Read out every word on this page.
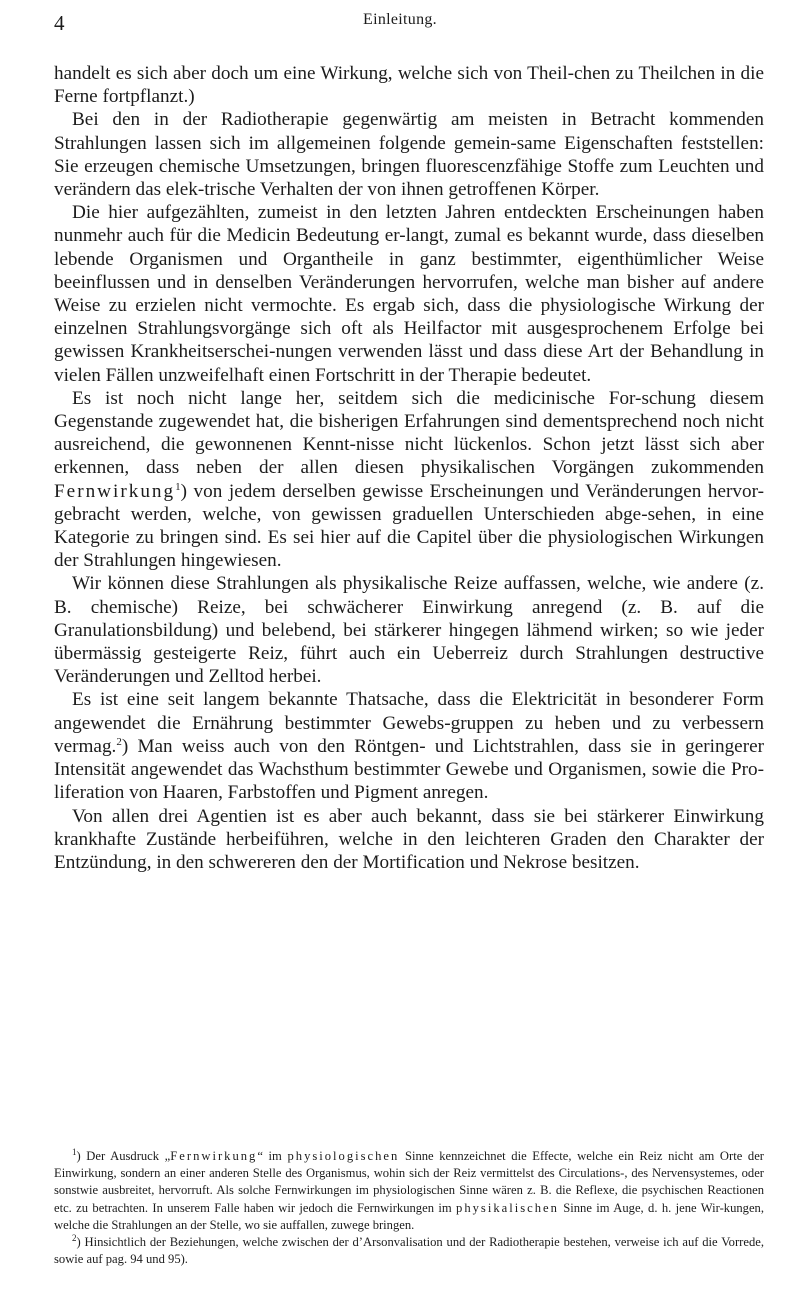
4	Einleitung.

handelt es sich aber doch um eine Wirkung, welche sich von Theil-chen zu Theilchen in die Ferne fortpflanzt.)

Bei den in der Radiotherapie gegenwärtig am meisten in Betracht kommenden Strahlungen lassen sich im allgemeinen folgende gemein-same Eigenschaften feststellen: Sie erzeugen chemische Umsetzungen, bringen fluorescenzfähige Stoffe zum Leuchten und verändern das elek-trische Verhalten der von ihnen getroffenen Körper.

Die hier aufgezählten, zumeist in den letzten Jahren entdeckten Erscheinungen haben nunmehr auch für die Medicin Bedeutung er-langt, zumal es bekannt wurde, dass dieselben lebende Organismen und Organtheile in ganz bestimmter, eigenthümlicher Weise beeinflussen und in denselben Veränderungen hervorrufen, welche man bisher auf andere Weise zu erzielen nicht vermochte. Es ergab sich, dass die physiologische Wirkung der einzelnen Strahlungsvorgänge sich oft als Heilfactor mit ausgesprochenem Erfolge bei gewissen Krankheitserschei-nungen verwenden lässt und dass diese Art der Behandlung in vielen Fällen unzweifelhaft einen Fortschritt in der Therapie bedeutet.

Es ist noch nicht lange her, seitdem sich die medicinische For-schung diesem Gegenstande zugewendet hat, die bisherigen Erfahrungen sind dementsprechend noch nicht ausreichend, die gewonnenen Kennt-nisse nicht lückenlos. Schon jetzt lässt sich aber erkennen, dass neben der allen diesen physikalischen Vorgängen zukommenden Fernwirkung$^1$) von jedem derselben gewisse Erscheinungen und Veränderungen hervor-gebracht werden, welche, von gewissen graduellen Unterschieden abge-sehen, in eine Kategorie zu bringen sind. Es sei hier auf die Capitel über die physiologischen Wirkungen der Strahlungen hingewiesen.

Wir können diese Strahlungen als physikalische Reize auffassen, welche, wie andere (z. B. chemische) Reize, bei schwächerer Einwirkung anregend (z. B. auf die Granulationsbildung) und belebend, bei stärkerer hingegen lähmend wirken; so wie jeder übermässig gesteigerte Reiz, führt auch ein Ueberreiz durch Strahlungen destructive Veränderungen und Zelltod herbei.

Es ist eine seit langem bekannte Thatsache, dass die Elektricität in besonderer Form angewendet die Ernährung bestimmter Gewebs-gruppen zu heben und zu verbessern vermag.$^2$) Man weiss auch von den Röntgen- und Lichtstrahlen, dass sie in geringerer Intensität angewendet das Wachsthum bestimmter Gewebe und Organismen, sowie die Pro-liferation von Haaren, Farbstoffen und Pigment anregen.

Von allen drei Agentien ist es aber auch bekannt, dass sie bei stärkerer Einwirkung krankhafte Zustände herbeiführen, welche in den leichteren Graden den Charakter der Entzündung, in den schwereren den der Mortification und Nekrose besitzen.

$^1$) Der Ausdruck „Fernwirkung“ im physiologischen Sinne kennzeichnet die Effecte, welche ein Reiz nicht am Orte der Einwirkung, sondern an einer anderen Stelle des Organismus, wohin sich der Reiz vermittelst des Circulations-, des Nervensystemes, oder sonstwie ausbreitet, hervorruft. Als solche Fernwirkungen im physiologischen Sinne wären z. B. die Reflexe, die psychischen Reactionen etc. zu betrachten. In unserem Falle haben wir jedoch die Fernwirkungen im physikalischen Sinne im Auge, d. h. jene Wir-kungen, welche die Strahlungen an der Stelle, wo sie auffallen, zuwege bringen.

$^2$) Hinsichtlich der Beziehungen, welche zwischen der d’Arsonvalisation und der Radiotherapie bestehen, verweise ich auf die Vorrede, sowie auf pag. 94 und 95).
